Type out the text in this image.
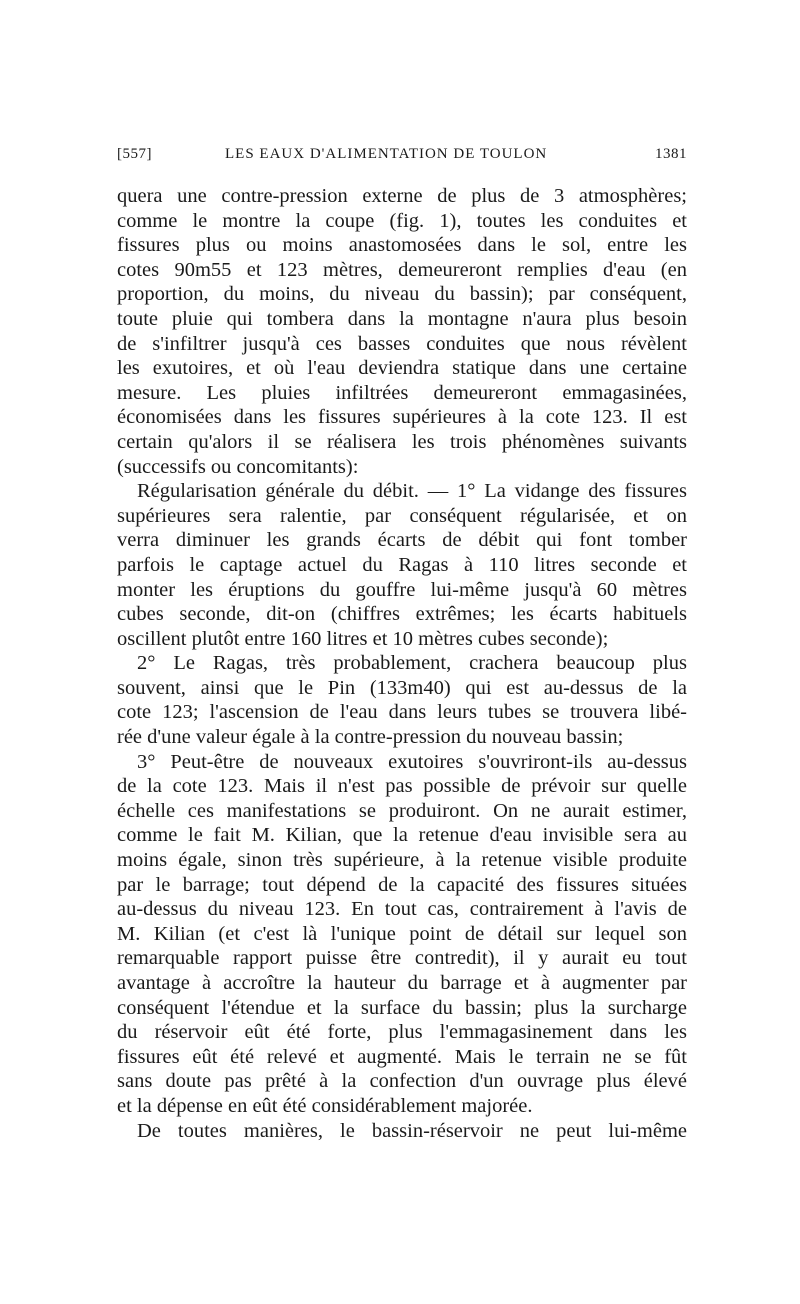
[557]	LES EAUX D'ALIMENTATION DE TOULON	1381
quera une contre-pression externe de plus de 3 atmosphères;
comme le montre la coupe (fig. 1), toutes les conduites et
fissures plus ou moins anastomosées dans le sol, entre les
cotes 90m55 et 123 mètres, demeureront remplies d'eau (en
proportion, du moins, du niveau du bassin); par conséquent,
toute pluie qui tombera dans la montagne n'aura plus besoin
de s'infiltrer jusqu'à ces basses conduites que nous révèlent
les exutoires, et où l'eau deviendra statique dans une certaine
mesure. Les pluies infiltrées demeureront emmagasinées,
économisées dans les fissures supérieures à la cote 123. Il est
certain qu'alors il se réalisera les trois phénomènes suivants
(successifs ou concomitants):
Régularisation générale du débit. — 1° La vidange des fissures
supérieures sera ralentie, par conséquent régularisée, et on
verra diminuer les grands écarts de débit qui font tomber
parfois le captage actuel du Ragas à 110 litres seconde et
monter les éruptions du gouffre lui-même jusqu'à 60 mètres
cubes seconde, dit-on (chiffres extrêmes; les écarts habituels
oscillent plutôt entre 160 litres et 10 mètres cubes seconde);
2° Le Ragas, très probablement, crachera beaucoup plus
souvent, ainsi que le Pin (133m40) qui est au-dessus de la
cote 123; l'ascension de l'eau dans leurs tubes se trouvera libé-
rée d'une valeur égale à la contre-pression du nouveau bassin;
3° Peut-être de nouveaux exutoires s'ouvriront-ils au-dessus
de la cote 123. Mais il n'est pas possible de prévoir sur quelle
échelle ces manifestations se produiront. On ne aurait estimer,
comme le fait M. Kilian, que la retenue d'eau invisible sera au
moins égale, sinon très supérieure, à la retenue visible produite
par le barrage; tout dépend de la capacité des fissures situées
au-dessus du niveau 123. En tout cas, contrairement à l'avis de
M. Kilian (et c'est là l'unique point de détail sur lequel son
remarquable rapport puisse être contredit), il y aurait eu tout
avantage à accroître la hauteur du barrage et à augmenter par
conséquent l'étendue et la surface du bassin; plus la surcharge
du réservoir eût été forte, plus l'emmagasinement dans les
fissures eût été relevé et augmenté. Mais le terrain ne se fût
sans doute pas prêté à la confection d'un ouvrage plus élevé
et la dépense en eût été considérablement majorée.
De toutes manières, le bassin-réservoir ne peut lui-même
